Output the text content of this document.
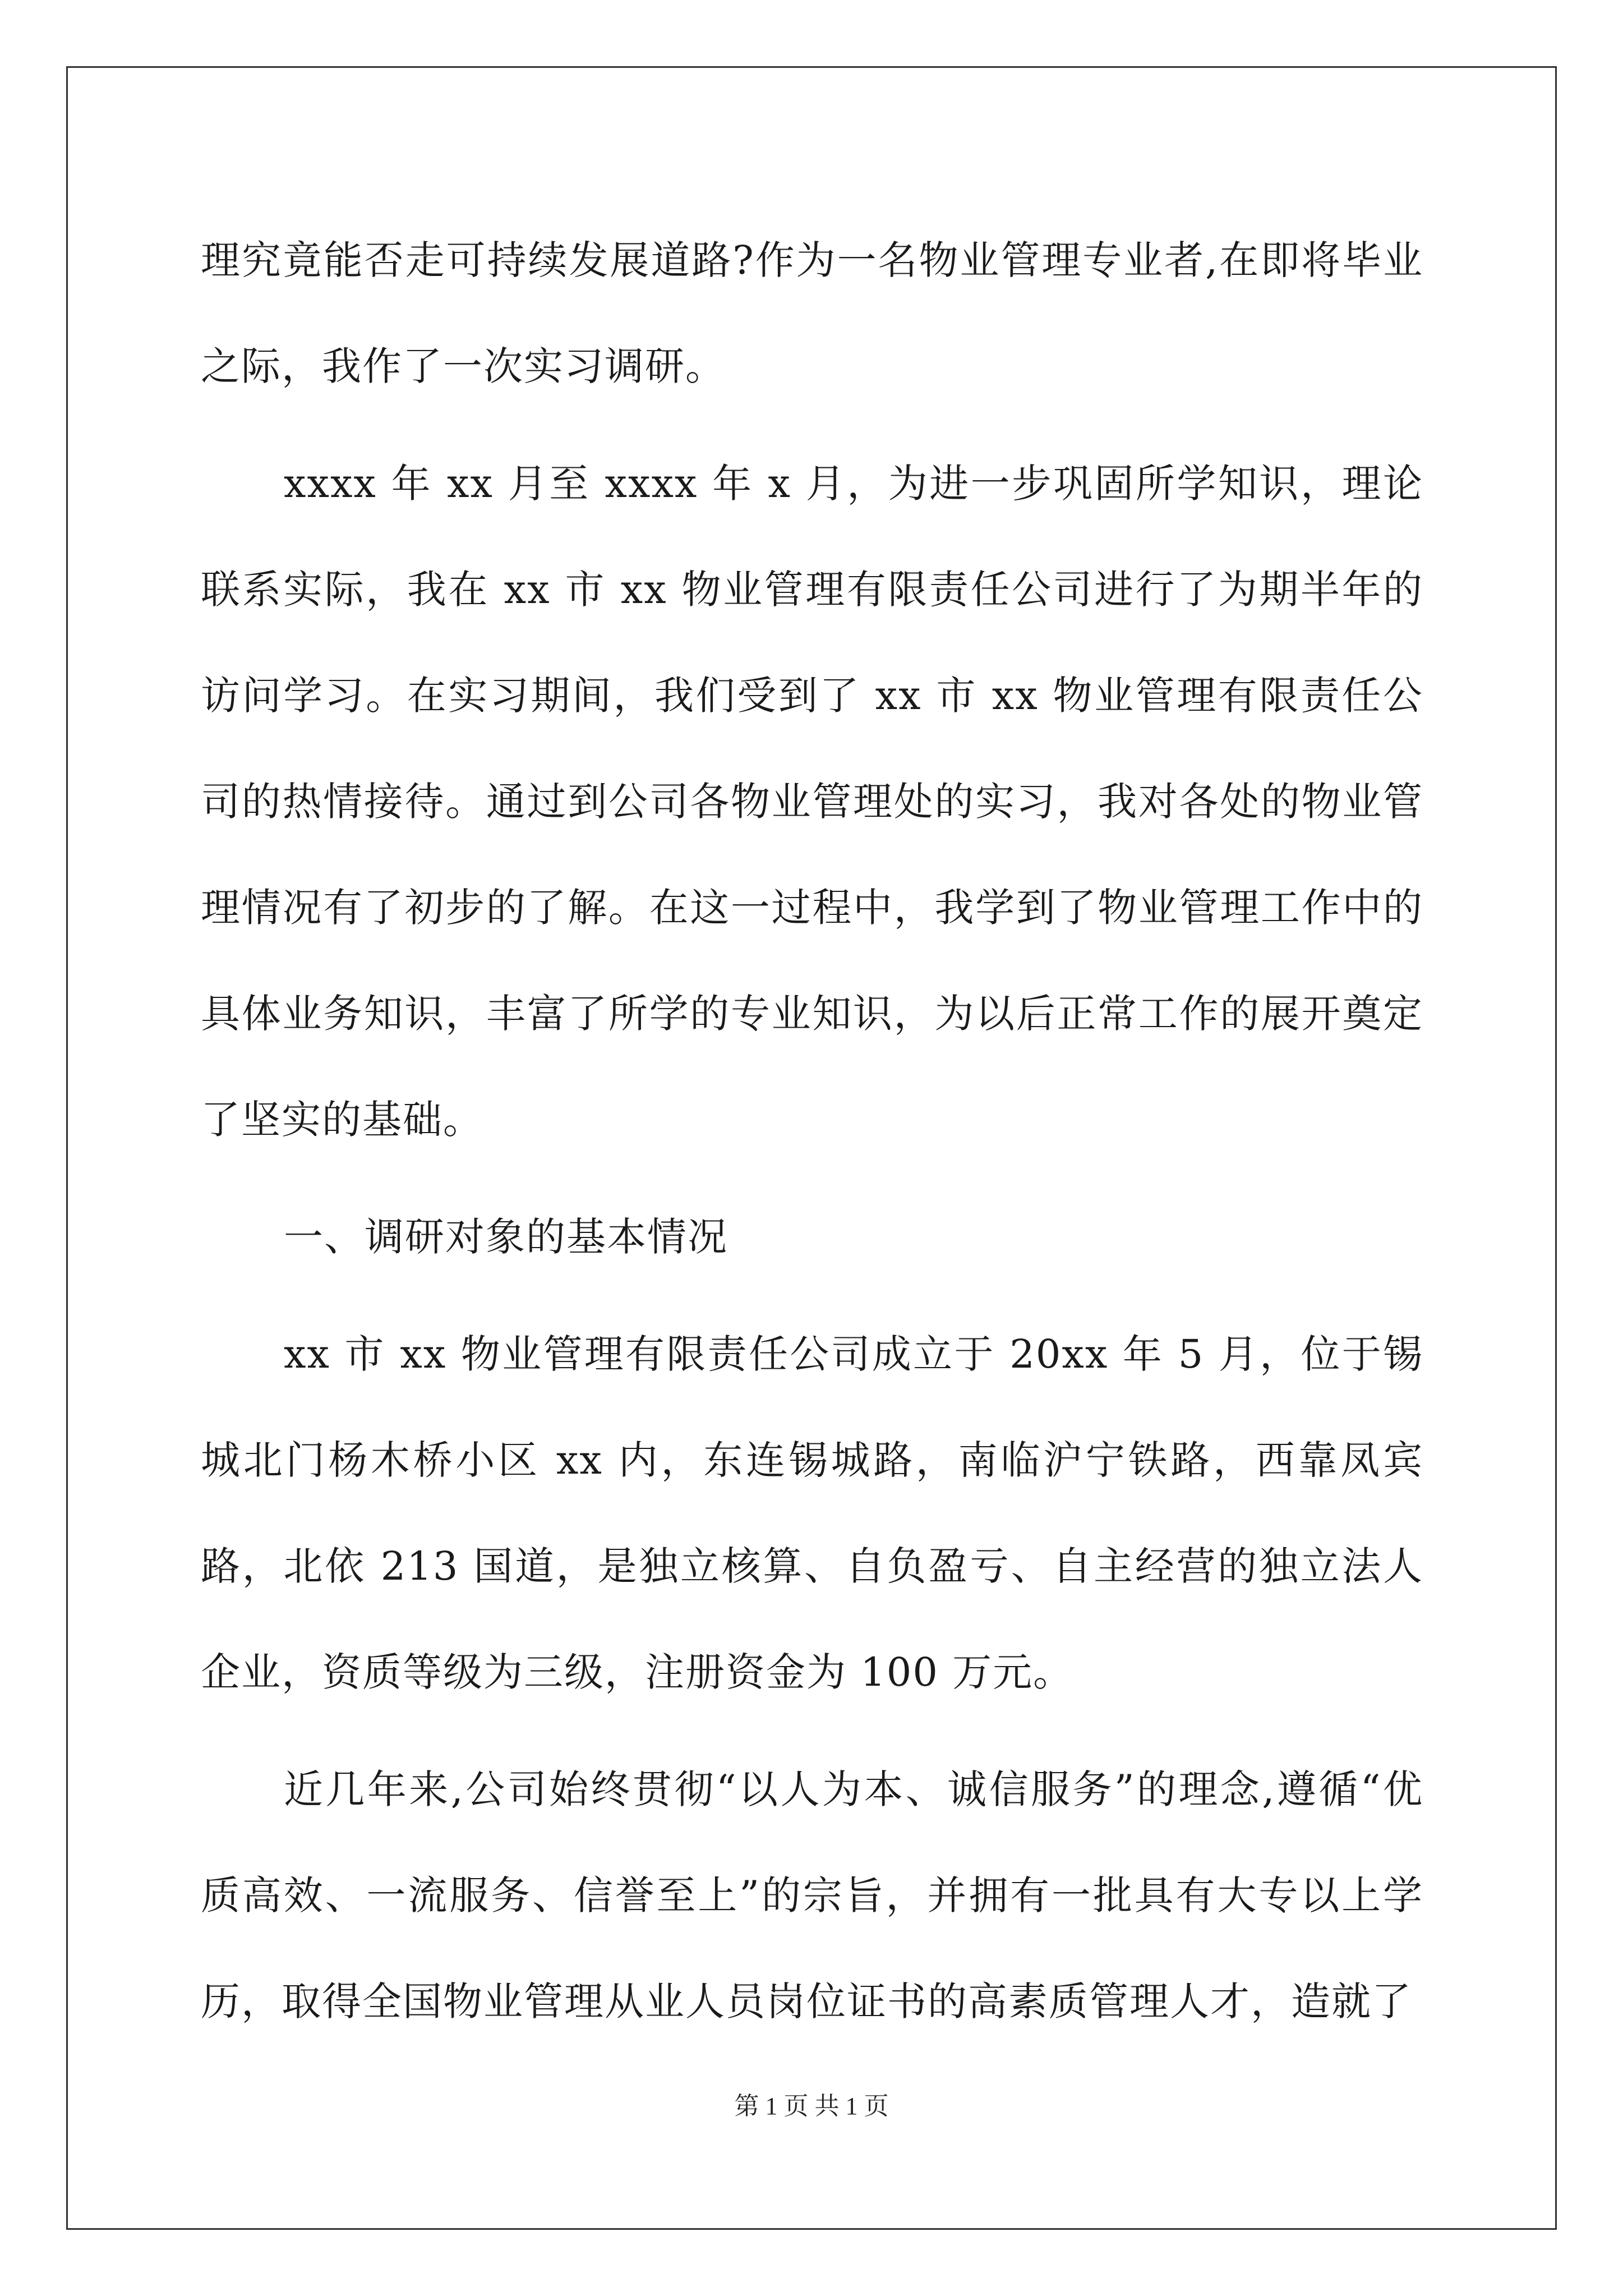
理究竟能否走可持续发展道路?作为一名物业管理专业者,在即将毕业之际，我作了一次实习调研。

xxxx 年 xx 月至 xxxx 年 x 月，为进一步巩固所学知识，理论联系实际，我在 xx 市 xx 物业管理有限责任公司进行了为期半年的访问学习。在实习期间，我们受到了 xx 市 xx 物业管理有限责任公司的热情接待。通过到公司各物业管理处的实习，我对各处的物业管理情况有了初步的了解。在这一过程中，我学到了物业管理工作中的具体业务知识，丰富了所学的专业知识，为以后正常工作的展开奠定了坚实的基础。

一、调研对象的基本情况

xx 市 xx 物业管理有限责任公司成立于 20xx 年 5 月，位于锡城北门杨木桥小区 xx 内，东连锡城路，南临沪宁铁路，西靠凤宾路，北依 213 国道，是独立核算、自负盈亏、自主经营的独立法人企业，资质等级为三级，注册资金为 100 万元。

近几年来,公司始终贯彻“以人为本、诚信服务”的理念,遵循“优质高效、一流服务、信誉至上”的宗旨，并拥有一批具有大专以上学历，取得全国物业管理从业人员岗位证书的高素质管理人才，造就了

第 1 页 共 1 页
